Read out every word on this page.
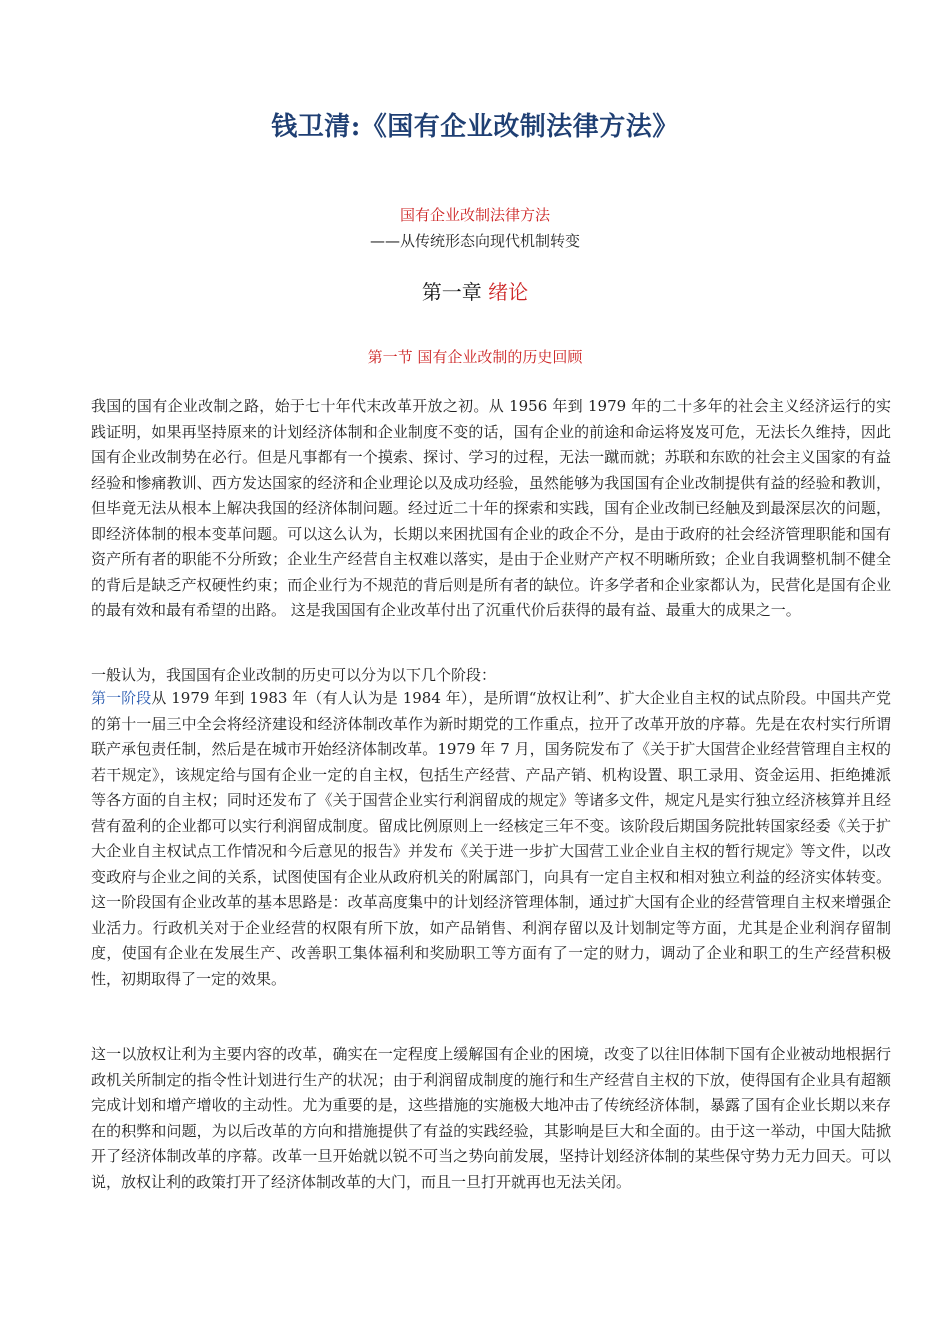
钱卫清:《国有企业改制法律方法》
国有企业改制法律方法
——从传统形态向现代机制转变
第一章 绪论
第一节 国有企业改制的历史回顾

我国的国有企业改制之路，始于七十年代末改革开放之初。从 1956 年到 1979 年的二十多年的社会主义经济运行的实践证明，如果再坚持原来的计划经济体制和企业制度不变的话，国有企业的前途和命运将岌岌可危，无法长久维持，因此国有企业改制势在必行。但是凡事都有一个摸索、探讨、学习的过程，无法一蹴而就；苏联和东欧的社会主义国家的有益经验和惨痛教训、西方发达国家的经济和企业理论以及成功经验，虽然能够为我国国有企业改制提供有益的经验和教训，但毕竟无法从根本上解决我国的经济体制问题。经过近二十年的探索和实践，国有企业改制已经触及到最深层次的问题，即经济体制的根本变革问题。可以这么认为，长期以来困扰国有企业的政企不分，是由于政府的社会经济管理职能和国有资产所有者的职能不分所致；企业生产经营自主权难以落实，是由于企业财产产权不明晰所致；企业自我调整机制不健全的背后是缺乏产权硬性约束；而企业行为不规范的背后则是所有者的缺位。许多学者和企业家都认为，民营化是国有企业的最有效和最有希望的出路。 这是我国国有企业改革付出了沉重代价后获得的最有益、最重大的成果之一。

一般认为，我国国有企业改制的历史可以分为以下几个阶段：

第一阶段从 1979 年到 1983 年（有人认为是 1984 年），是所谓“放权让利”、扩大企业自主权的试点阶段。中国共产党的第十一届三中全会将经济建设和经济体制改革作为新时期党的工作重点，拉开了改革开放的序幕。先是在农村实行所谓联产承包责任制，然后是在城市开始经济体制改革。1979 年 7 月，国务院发布了《关于扩大国营企业经营管理自主权的若干规定》，该规定给与国有企业一定的自主权，包括生产经营、产品产销、机构设置、职工录用、资金运用、拒绝摊派等各方面的自主权；同时还发布了《关于国营企业实行利润留成的规定》等诸多文件，规定凡是实行独立经济核算并且经营有盈利的企业都可以实行利润留成制度。留成比例原则上一经核定三年不变。该阶段后期国务院批转国家经委《关于扩大企业自主权试点工作情况和今后意见的报告》并发布《关于进一步扩大国营工业企业自主权的暂行规定》等文件，以改变政府与企业之间的关系，试图使国有企业从政府机关的附属部门，向具有一定自主权和相对独立利益的经济实体转变。这一阶段国有企业改革的基本思路是：改革高度集中的计划经济管理体制，通过扩大国有企业的经营管理自主权来增强企业活力。行政机关对于企业经营的权限有所下放，如产品销售、利润存留以及计划制定等方面，尤其是企业利润存留制度，使国有企业在发展生产、改善职工集体福利和奖励职工等方面有了一定的财力，调动了企业和职工的生产经营积极性，初期取得了一定的效果。

这一以放权让利为主要内容的改革，确实在一定程度上缓解国有企业的困境，改变了以往旧体制下国有企业被动地根据行政机关所制定的指令性计划进行生产的状况；由于利润留成制度的施行和生产经营自主权的下放，使得国有企业具有超额完成计划和增产增收的主动性。尤为重要的是，这些措施的实施极大地冲击了传统经济体制，暴露了国有企业长期以来存在的积弊和问题，为以后改革的方向和措施提供了有益的实践经验，其影响是巨大和全面的。由于这一举动，中国大陆掀开了经济体制改革的序幕。改革一旦开始就以锐不可当之势向前发展，坚持计划经济体制的某些保守势力无力回天。可以说，放权让利的政策打开了经济体制改革的大门，而且一旦打开就再也无法关闭。
